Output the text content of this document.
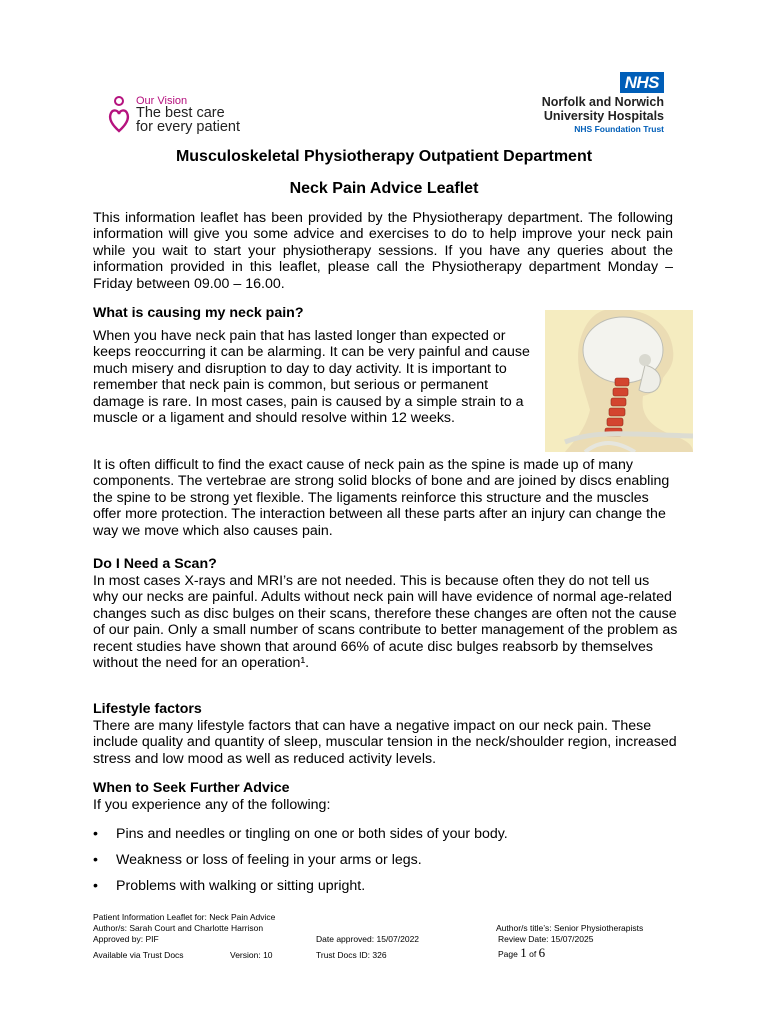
Our Vision
The best care
for every patient
NHS
Norfolk and Norwich
University Hospitals
NHS Foundation Trust
Musculoskeletal Physiotherapy Outpatient Department
Neck Pain Advice Leaflet
This information leaflet has been provided by the Physiotherapy department. The following information will give you some advice and exercises to do to help improve your neck pain while you wait to start your physiotherapy sessions. If you have any queries about the information provided in this leaflet, please call the Physiotherapy department Monday – Friday between 09.00 – 16.00.
What is causing my neck pain?
When you have neck pain that has lasted longer than expected or keeps reoccurring it can be alarming. It can be very painful and cause much misery and disruption to day to day activity. It is important to remember that neck pain is common, but serious or permanent damage is rare. In most cases, pain is caused by a simple strain to a muscle or a ligament and should resolve within 12 weeks.
It is often difficult to find the exact cause of neck pain as the spine is made up of many components. The vertebrae are strong solid blocks of bone and are joined by discs enabling the spine to be strong yet flexible. The ligaments reinforce this structure and the muscles offer more protection. The interaction between all these parts after an injury can change the way we move which also causes pain.
Do I Need a Scan?
In most cases X-rays and MRI’s are not needed. This is because often they do not tell us why our necks are painful. Adults without neck pain will have evidence of normal age-related changes such as disc bulges on their scans, therefore these changes are often not the cause of our pain. Only a small number of scans contribute to better management of the problem as recent studies have shown that around 66% of acute disc bulges reabsorb by themselves without the need for an operation¹.
Lifestyle factors
There are many lifestyle factors that can have a negative impact on our neck pain. These include quality and quantity of sleep, muscular tension in the neck/shoulder region, increased stress and low mood as well as reduced activity levels.
When to Seek Further Advice
If you experience any of the following:
• Pins and needles or tingling on one or both sides of your body.
• Weakness or loss of feeling in your arms or legs.
• Problems with walking or sitting upright.
Patient Information Leaflet for: Neck Pain Advice
Author/s: Sarah Court and Charlotte Harrison	Author/s title’s: Senior Physiotherapists
Approved by: PIF	Date approved: 15/07/2022	Review Date: 15/07/2025
Available via Trust Docs	Version: 10	Trust Docs ID: 326	Page 1 of 6
